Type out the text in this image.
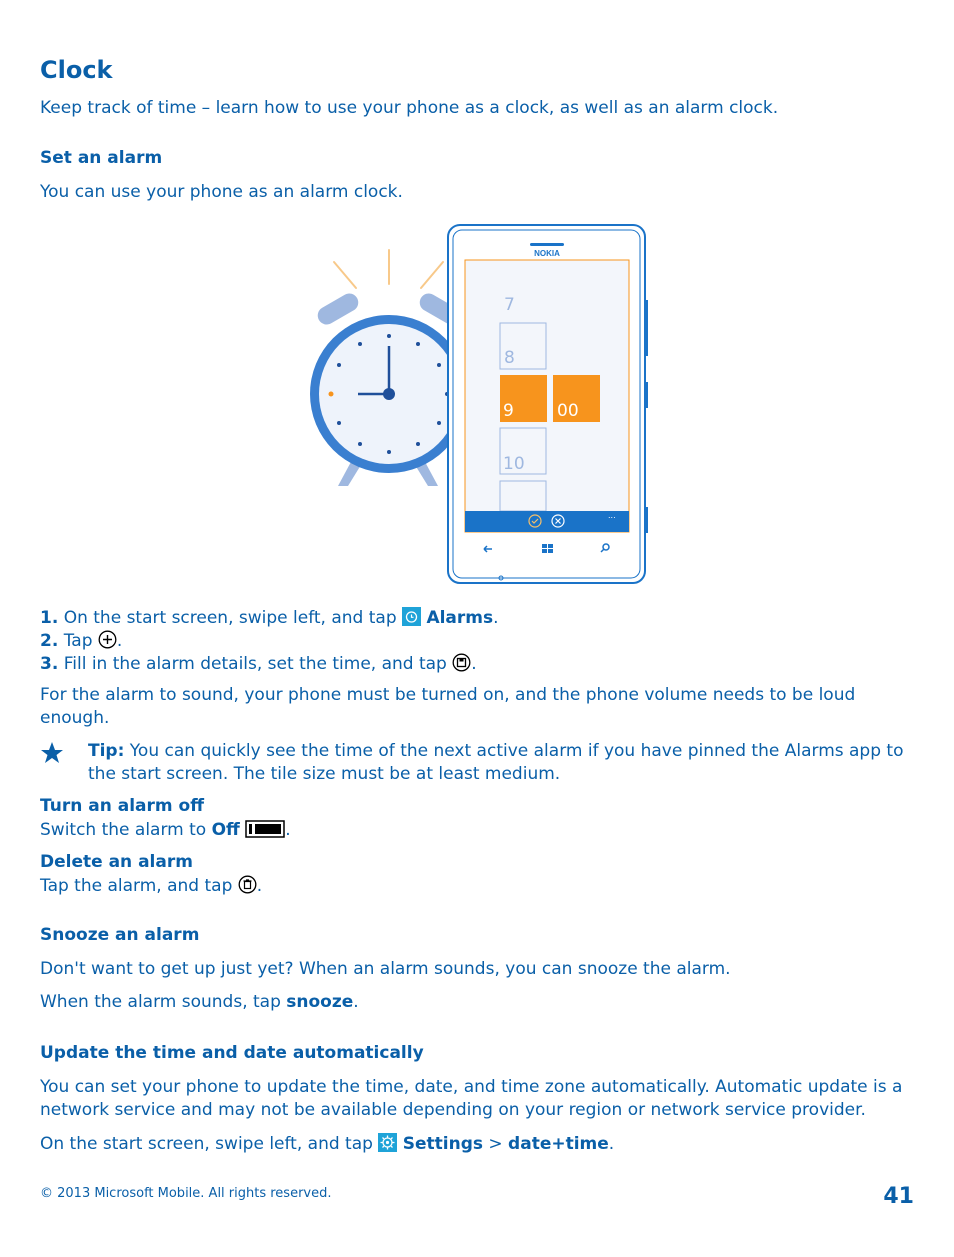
Clock
Keep track of time – learn how to use your phone as a clock, as well as an alarm clock.
Set an alarm
You can use your phone as an alarm clock.
NOKIA
7
8
9	00
10
...
1. On the start screen, swipe left, and tap Alarms.
2. Tap .
3. Fill in the alarm details, set the time, and tap .
For the alarm to sound, your phone must be turned on, and the phone volume needs to be loud enough.
Tip: You can quickly see the time of the next active alarm if you have pinned the Alarms app to the start screen. The tile size must be at least medium.
Turn an alarm off
Switch the alarm to Off	.
Delete an alarm
Tap the alarm, and tap .
Snooze an alarm
Don't want to get up just yet? When an alarm sounds, you can snooze the alarm.
When the alarm sounds, tap snooze.
Update the time and date automatically
You can set your phone to update the time, date, and time zone automatically. Automatic update is a network service and may not be available depending on your region or network service provider.
On the start screen, swipe left, and tap Settings > date+time.
© 2013 Microsoft Mobile. All rights reserved.	41
